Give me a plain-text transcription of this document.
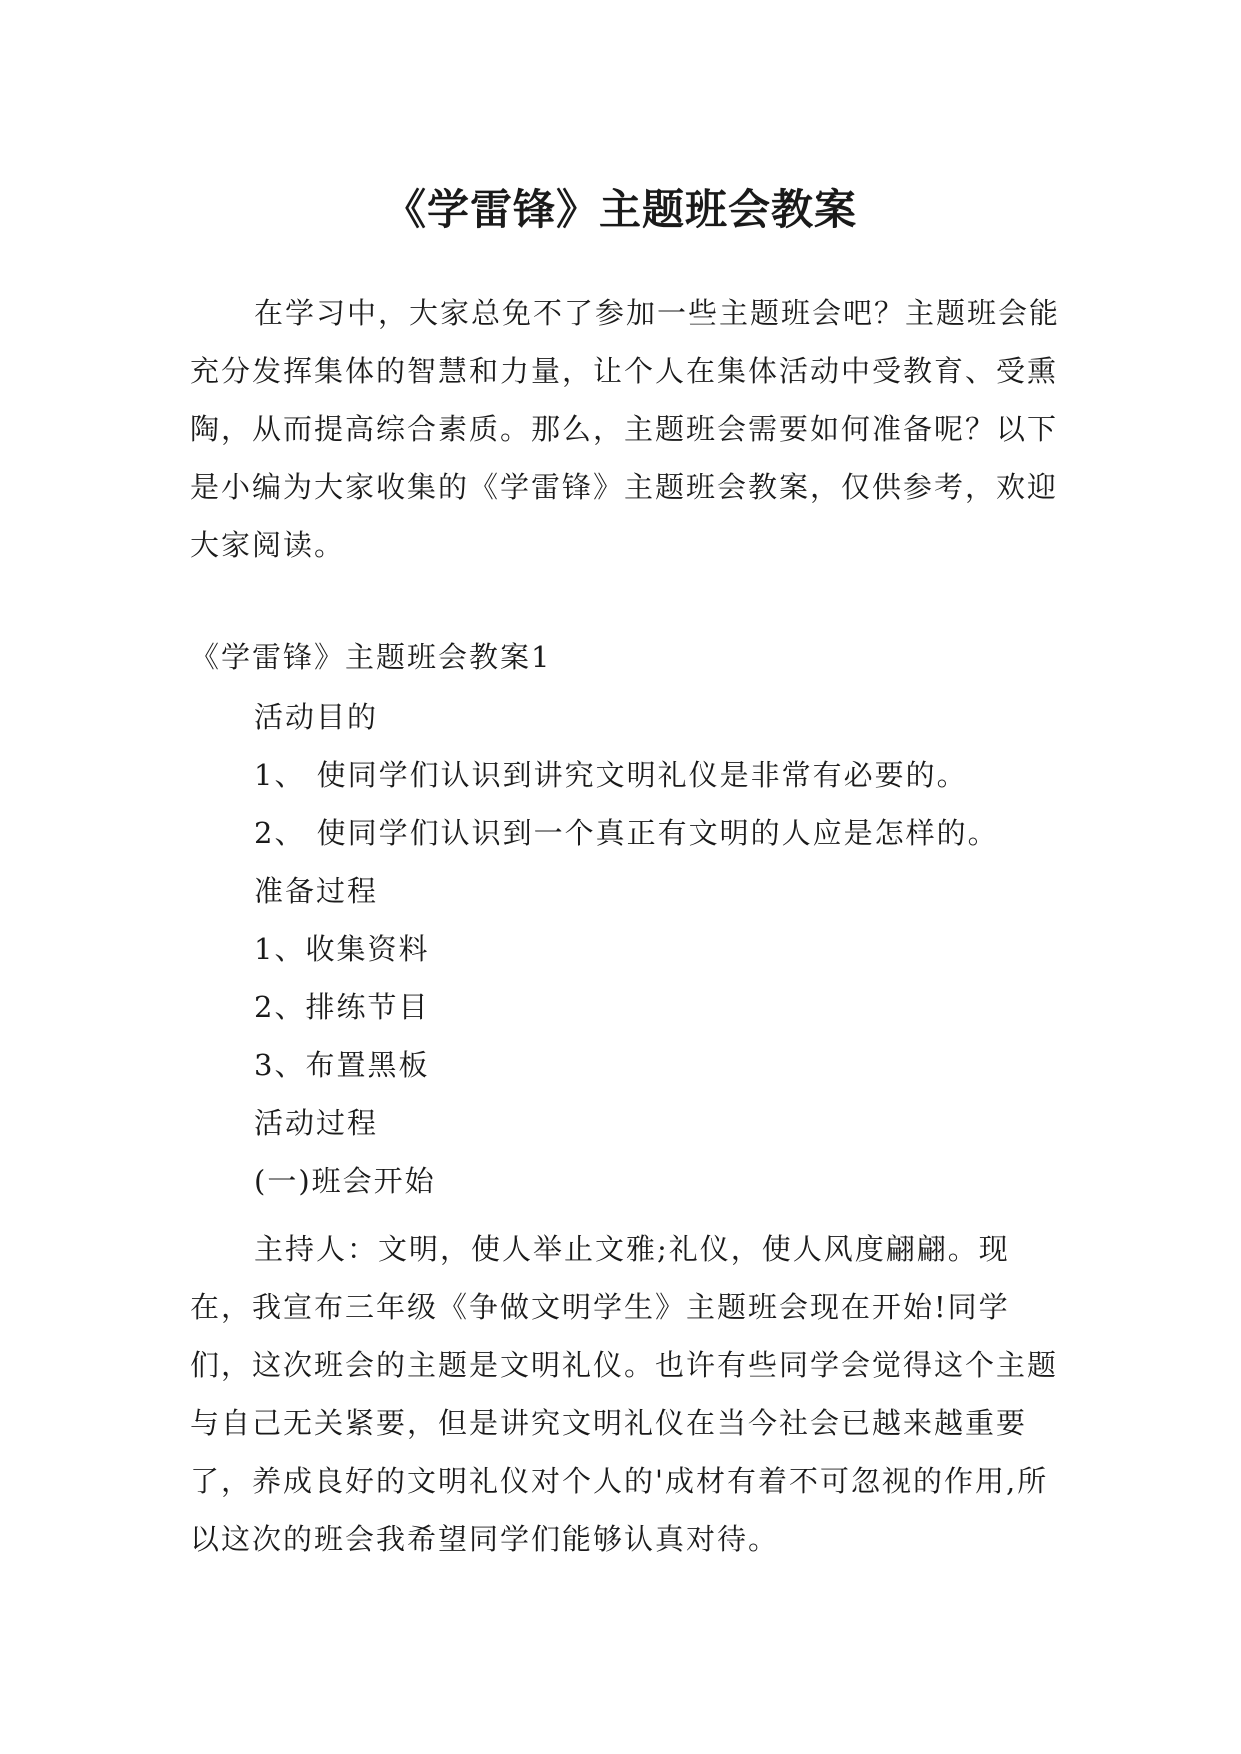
《学雷锋》主题班会教案

在学习中，大家总免不了参加一些主题班会吧？主题班会能充分发挥集体的智慧和力量，让个人在集体活动中受教育、受熏陶，从而提高综合素质。那么，主题班会需要如何准备呢？以下是小编为大家收集的《学雷锋》主题班会教案，仅供参考，欢迎大家阅读。

《学雷锋》主题班会教案1

活动目的
1、 使同学们认识到讲究文明礼仪是非常有必要的。
2、 使同学们认识到一个真正有文明的人应是怎样的。
准备过程
1、收集资料
2、排练节目
3、布置黑板
活动过程
(一)班会开始

主持人：文明，使人举止文雅;礼仪，使人风度翩翩。现在，我宣布三年级《争做文明学生》主题班会现在开始!同学们，这次班会的主题是文明礼仪。也许有些同学会觉得这个主题与自己无关紧要，但是讲究文明礼仪在当今社会已越来越重要了，养成良好的文明礼仪对个人的'成材有着不可忽视的作用,所以这次的班会我希望同学们能够认真对待。
